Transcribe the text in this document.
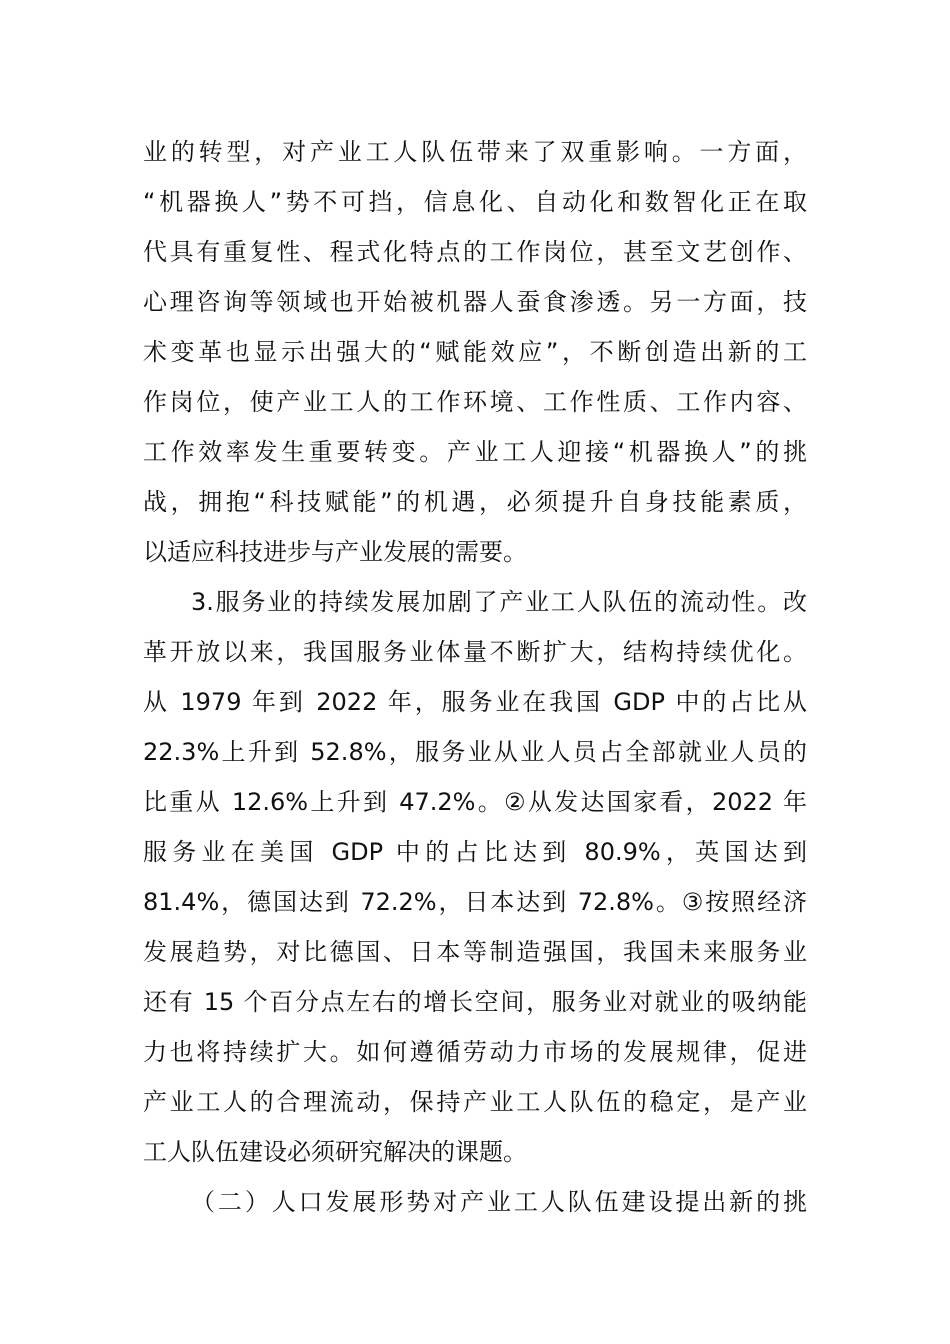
业的转型，对产业工人队伍带来了双重影响。一方面，
“机器换人”势不可挡，信息化、自动化和数智化正在取
代具有重复性、程式化特点的工作岗位，甚至文艺创作、
心理咨询等领域也开始被机器人蚕食渗透。另一方面，技
术变革也显示出强大的“赋能效应”，不断创造出新的工
作岗位，使产业工人的工作环境、工作性质、工作内容、
工作效率发生重要转变。产业工人迎接“机器换人”的挑
战，拥抱“科技赋能”的机遇，必须提升自身技能素质，
以适应科技进步与产业发展的需要。
3.服务业的持续发展加剧了产业工人队伍的流动性。改
革开放以来，我国服务业体量不断扩大，结构持续优化。
从 1979 年到 2022 年，服务业在我国 GDP 中的占比从
22.3%上升到 52.8%，服务业从业人员占全部就业人员的
比重从 12.6%上升到 47.2%。②从发达国家看，2022 年
服务业在美国 GDP 中的占比达到 80.9%，英国达到
81.4%，德国达到 72.2%，日本达到 72.8%。③按照经济
发展趋势，对比德国、日本等制造强国，我国未来服务业
还有 15 个百分点左右的增长空间，服务业对就业的吸纳能
力也将持续扩大。如何遵循劳动力市场的发展规律，促进
产业工人的合理流动，保持产业工人队伍的稳定，是产业
工人队伍建设必须研究解决的课题。
（二）人口发展形势对产业工人队伍建设提出新的挑
